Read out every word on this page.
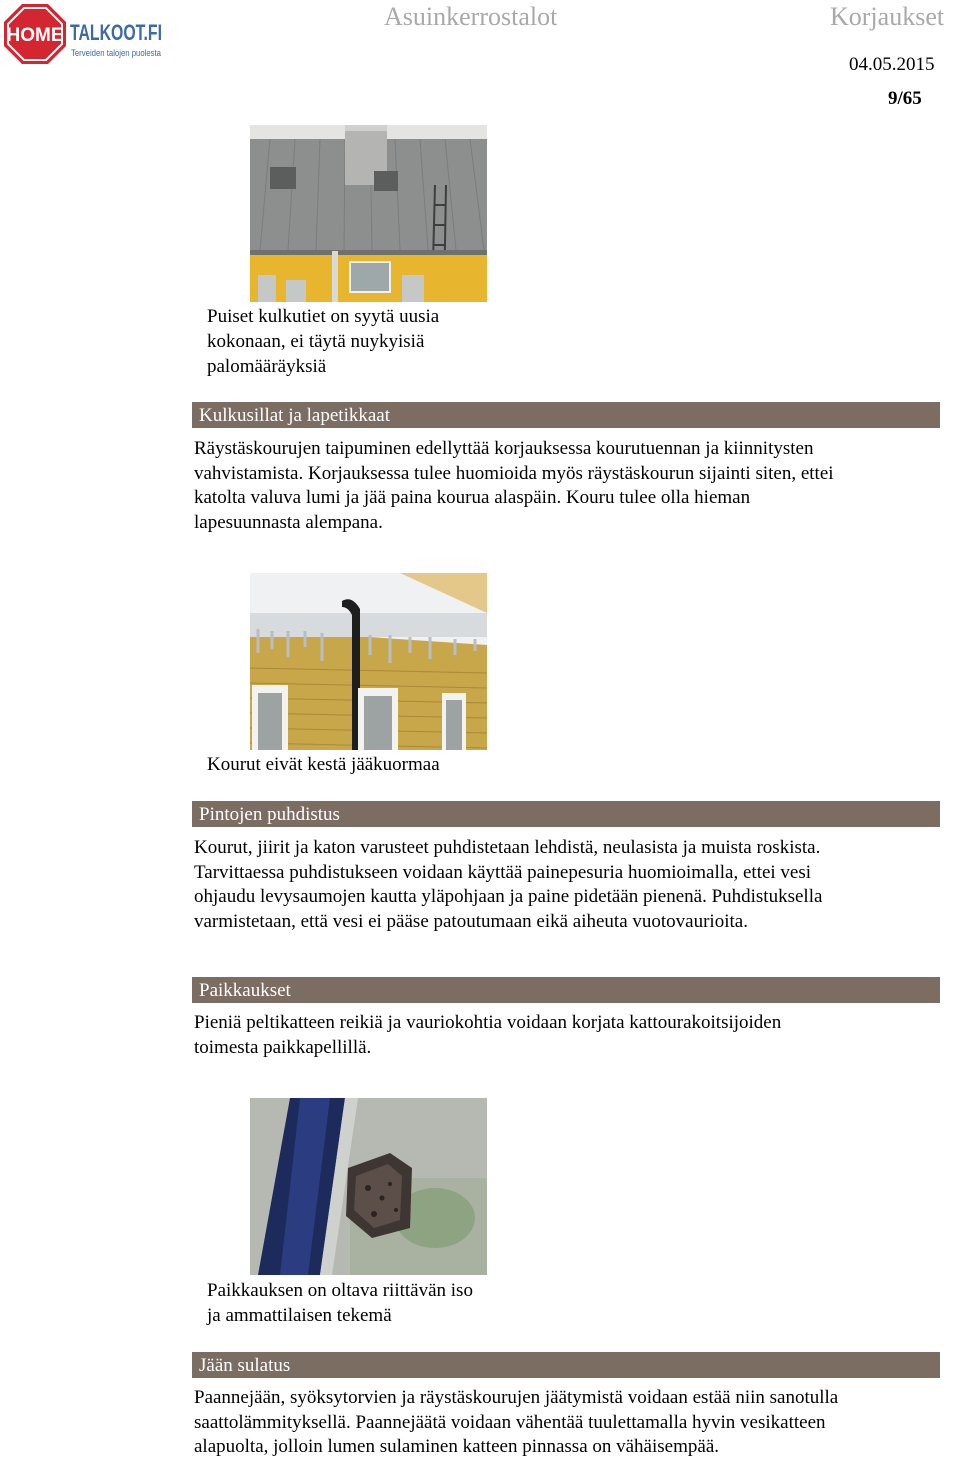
HOME TALKOOT.FI
Terveiden talojen puolesta
Asuinkerrostalot	Korjaukset
04.05.2015
9/65
Puiset kulkutiet on syytä uusia
kokonaan, ei täytä nuykyisiä
palomääräyksiä
Kulkusillat ja lapetikkaat
Räystäskourujen taipuminen edellyttää korjauksessa kourutuennan ja kiinnitysten
vahvistamista. Korjauksessa tulee huomioida myös räystäskourun sijainti siten, ettei
katolta valuva lumi ja jää paina kourua alaspäin. Kouru tulee olla hieman
lapesuunnasta alempana.
Kourut eivät kestä jääkuormaa
Pintojen puhdistus
Kourut, jiirit ja katon varusteet puhdistetaan lehdistä, neulasista ja muista roskista.
Tarvittaessa puhdistukseen voidaan käyttää painepesuria huomioimalla, ettei vesi
ohjaudu levysaumojen kautta yläpohjaan ja paine pidetään pienenä. Puhdistuksella
varmistetaan, että vesi ei pääse patoutumaan eikä aiheuta vuotovaurioita.
Paikkaukset
Pieniä peltikatteen reikiä ja vauriokohtia voidaan korjata kattourakoitsijoiden
toimesta paikkapellillä.
Paikkauksen on oltava riittävän iso
ja ammattilaisen tekemä
Jään sulatus
Paannejään, syöksytorvien ja räystäskourujen jäätymistä voidaan estää niin sanotulla
saattolämmityksellä. Paannejäätä voidaan vähentää tuulettamalla hyvin vesikatteen
alapuolta, jolloin lumen sulaminen katteen pinnassa on vähäisempää.
